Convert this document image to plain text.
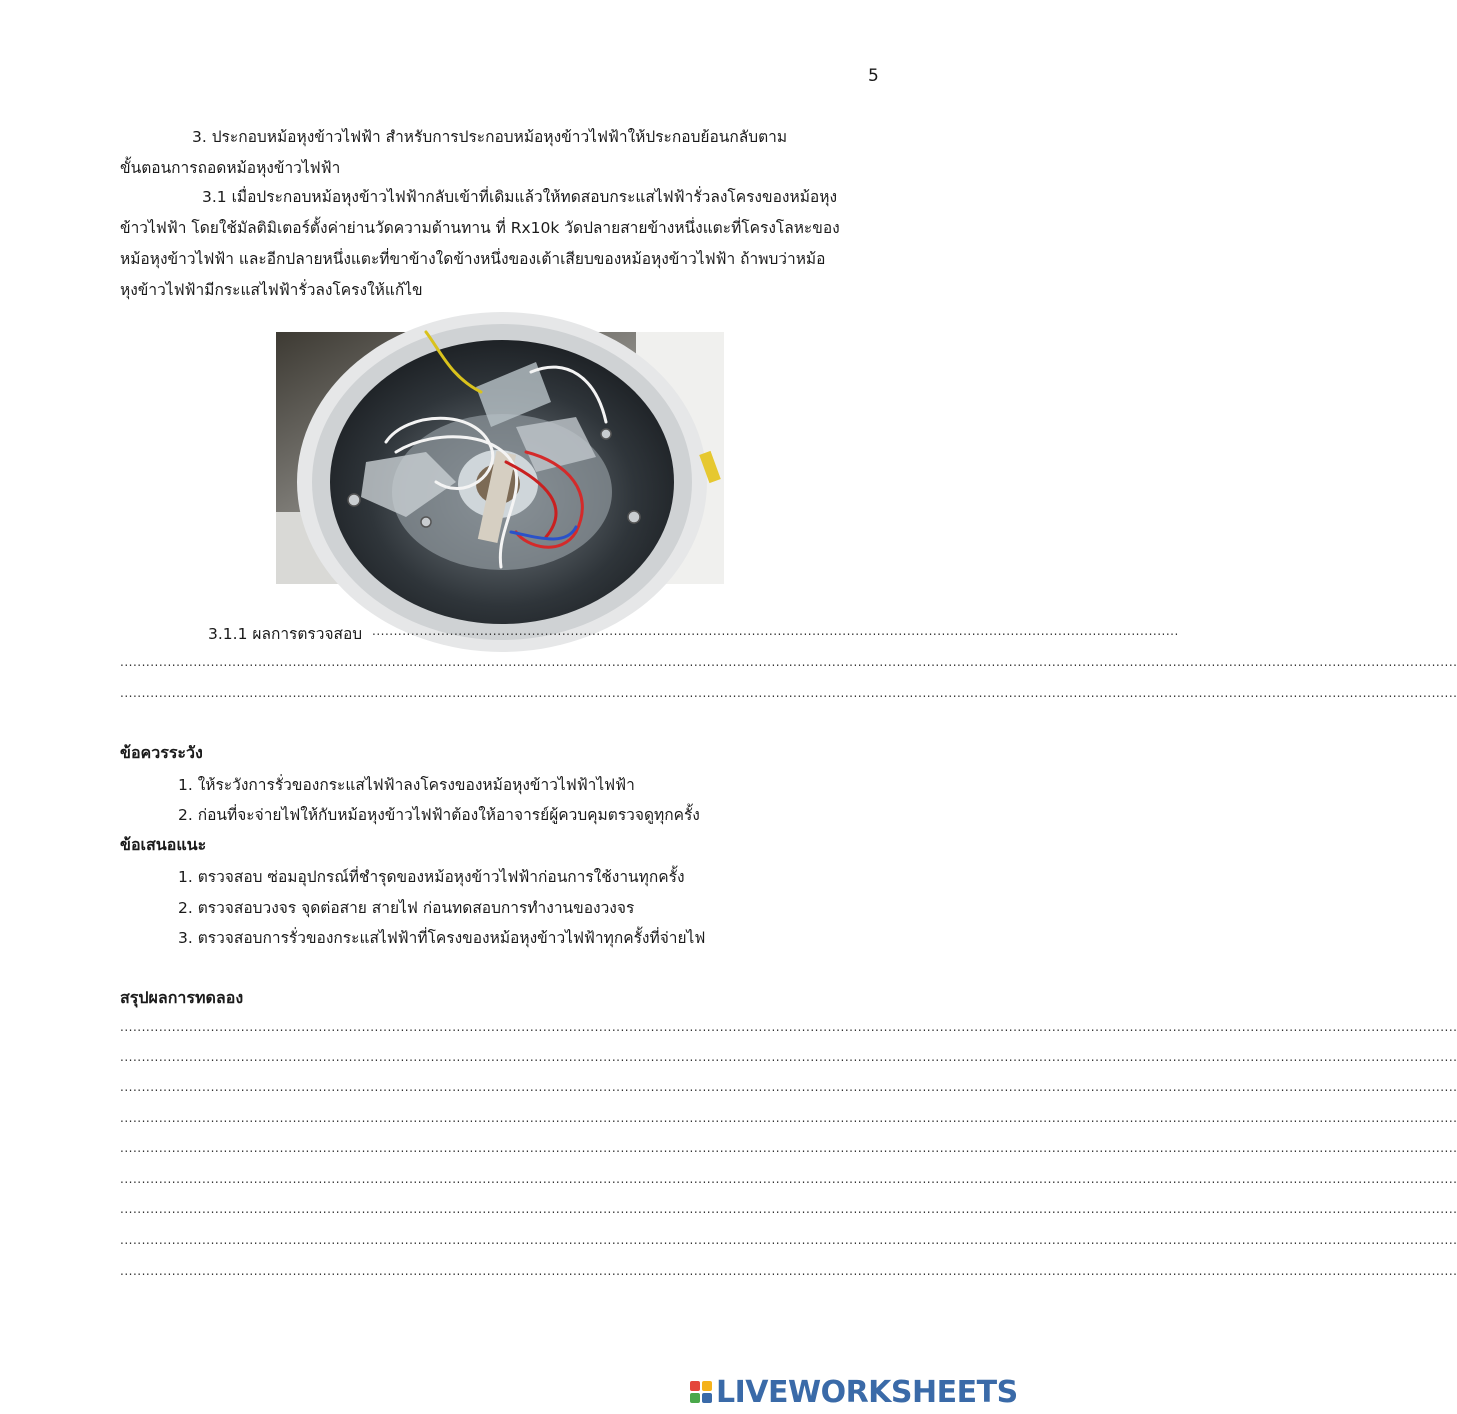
5
3. ประกอบหม้อหุงข้าวไฟฟ้า สำหรับการประกอบหม้อหุงข้าวไฟฟ้าให้ประกอบย้อนกลับตาม
ขั้นตอนการถอดหม้อหุงข้าวไฟฟ้า
3.1 เมื่อประกอบหม้อหุงข้าวไฟฟ้ากลับเข้าที่เดิมแล้วให้ทดสอบกระแสไฟฟ้ารั่วลงโครงของหม้อหุง
ข้าวไฟฟ้า โดยใช้มัลติมิเตอร์ตั้งค่าย่านวัดความต้านทาน ที่ Rx10k วัดปลายสายข้างหนึ่งแตะที่โครงโลหะของ
หม้อหุงข้าวไฟฟ้า และอีกปลายหนึ่งแตะที่ขาข้างใดข้างหนึ่งของเต้าเสียบของหม้อหุงข้าวไฟฟ้า ถ้าพบว่าหม้อ
หุงข้าวไฟฟ้ามีกระแสไฟฟ้ารั่วลงโครงให้แก้ไข
3.1.1 ผลการตรวจสอบ ...........................................................................................................................................................................................
......................................................................................................................................................................................................................................................................................................................
......................................................................................................................................................................................................................................................................................................................
ข้อควรระวัง
1. ให้ระวังการรั่วของกระแสไฟฟ้าลงโครงของหม้อหุงข้าวไฟฟ้าไฟฟ้า
2. ก่อนที่จะจ่ายไฟให้กับหม้อหุงข้าวไฟฟ้าต้องให้อาจารย์ผู้ควบคุมตรวจดูทุกครั้ง
ข้อเสนอแนะ
1. ตรวจสอบ ซ่อมอุปกรณ์ที่ชำรุดของหม้อหุงข้าวไฟฟ้าก่อนการใช้งานทุกครั้ง
2. ตรวจสอบวงจร จุดต่อสาย สายไฟ ก่อนทดสอบการทำงานของวงจร
3. ตรวจสอบการรั่วของกระแสไฟฟ้าที่โครงของหม้อหุงข้าวไฟฟ้าทุกครั้งที่จ่ายไฟ
สรุปผลการทดลอง
......................................................................................................................................................................................................................................................................................................................
......................................................................................................................................................................................................................................................................................................................
......................................................................................................................................................................................................................................................................................................................
......................................................................................................................................................................................................................................................................................................................
......................................................................................................................................................................................................................................................................................................................
......................................................................................................................................................................................................................................................................................................................
......................................................................................................................................................................................................................................................................................................................
......................................................................................................................................................................................................................................................................................................................
......................................................................................................................................................................................................................................................................................................................
LIVEWORKSHEETS
